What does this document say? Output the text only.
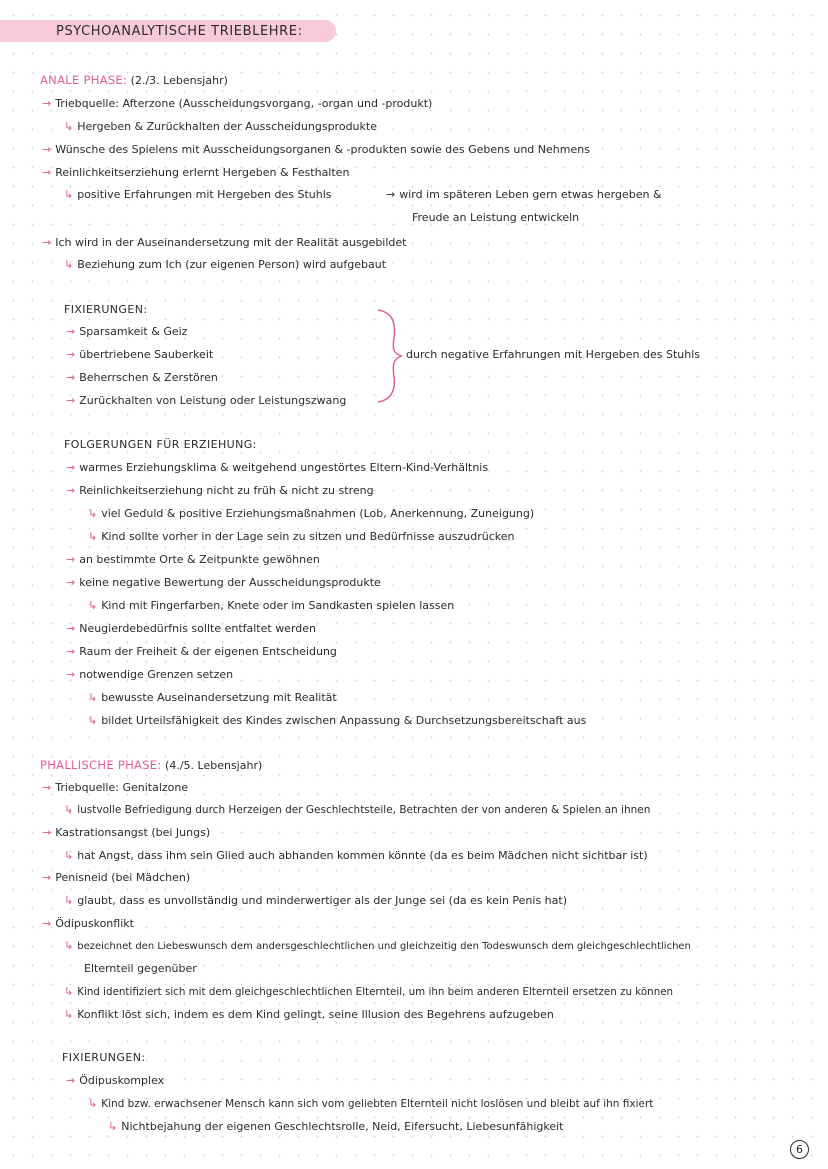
PSYCHOANALYTISCHE TRIEBLEHRE:
ANALE PHASE: (2./3. Lebensjahr)
→ Triebquelle: Afterzone (Ausscheidungsvorgang, -organ und -produkt)
↳ Hergeben & Zurückhalten der Ausscheidungsprodukte
→ Wünsche des Spielens mit Ausscheidungsorganen & -produkten sowie des Gebens und Nehmens
→ Reinlichkeitserziehung erlernt Hergeben & Festhalten
↳ positive Erfahrungen mit Hergeben des Stuhls	→ wird im späteren Leben gern etwas hergeben &
Freude an Leistung entwickeln
→ Ich wird in der Auseinandersetzung mit der Realität ausgebildet
↳ Beziehung zum Ich (zur eigenen Person) wird aufgebaut
FIXIERUNGEN:
→ Sparsamkeit & Geiz
→ übertriebene Sauberkeit
→ Beherrschen & Zerstören
→ Zurückhalten von Leistung oder Leistungszwang
durch negative Erfahrungen mit Hergeben des Stuhls
FOLGERUNGEN FÜR ERZIEHUNG:
→ warmes Erziehungsklima & weitgehend ungestörtes Eltern-Kind-Verhältnis
→ Reinlichkeitserziehung nicht zu früh & nicht zu streng
↳ viel Geduld & positive Erziehungsmaßnahmen (Lob, Anerkennung, Zuneigung)
↳ Kind sollte vorher in der Lage sein zu sitzen und Bedürfnisse auszudrücken
→ an bestimmte Orte & Zeitpunkte gewöhnen
→ keine negative Bewertung der Ausscheidungsprodukte
↳ Kind mit Fingerfarben, Knete oder im Sandkasten spielen lassen
→ Neugierdebedürfnis sollte entfaltet werden
→ Raum der Freiheit & der eigenen Entscheidung
→ notwendige Grenzen setzen
↳ bewusste Auseinandersetzung mit Realität
↳ bildet Urteilsfähigkeit des Kindes zwischen Anpassung & Durchsetzungsbereitschaft aus
PHALLISCHE PHASE: (4./5. Lebensjahr)
→ Triebquelle: Genitalzone
↳ lustvolle Befriedigung durch Herzeigen der Geschlechtsteile, Betrachten der von anderen & Spielen an ihnen
→ Kastrationsangst (bei Jungs)
↳ hat Angst, dass ihm sein Glied auch abhanden kommen könnte (da es beim Mädchen nicht sichtbar ist)
→ Penisneid (bei Mädchen)
↳ glaubt, dass es unvollständig und minderwertiger als der Junge sei (da es kein Penis hat)
→ Ödipuskonflikt
↳ bezeichnet den Liebeswunsch dem andersgeschlechtlichen und gleichzeitig den Todeswunsch dem gleichgeschlechtlichen
Elternteil gegenüber
↳ Kind identifiziert sich mit dem gleichgeschlechtlichen Elternteil, um ihn beim anderen Elternteil ersetzen zu können
↳ Konflikt löst sich, indem es dem Kind gelingt, seine Illusion des Begehrens aufzugeben
FIXIERUNGEN:
→ Ödipuskomplex
↳ Kind bzw. erwachsener Mensch kann sich vom geliebten Elternteil nicht loslösen und bleibt auf ihn fixiert
↳ Nichtbejahung der eigenen Geschlechtsrolle, Neid, Eifersucht, Liebesunfähigkeit
6
